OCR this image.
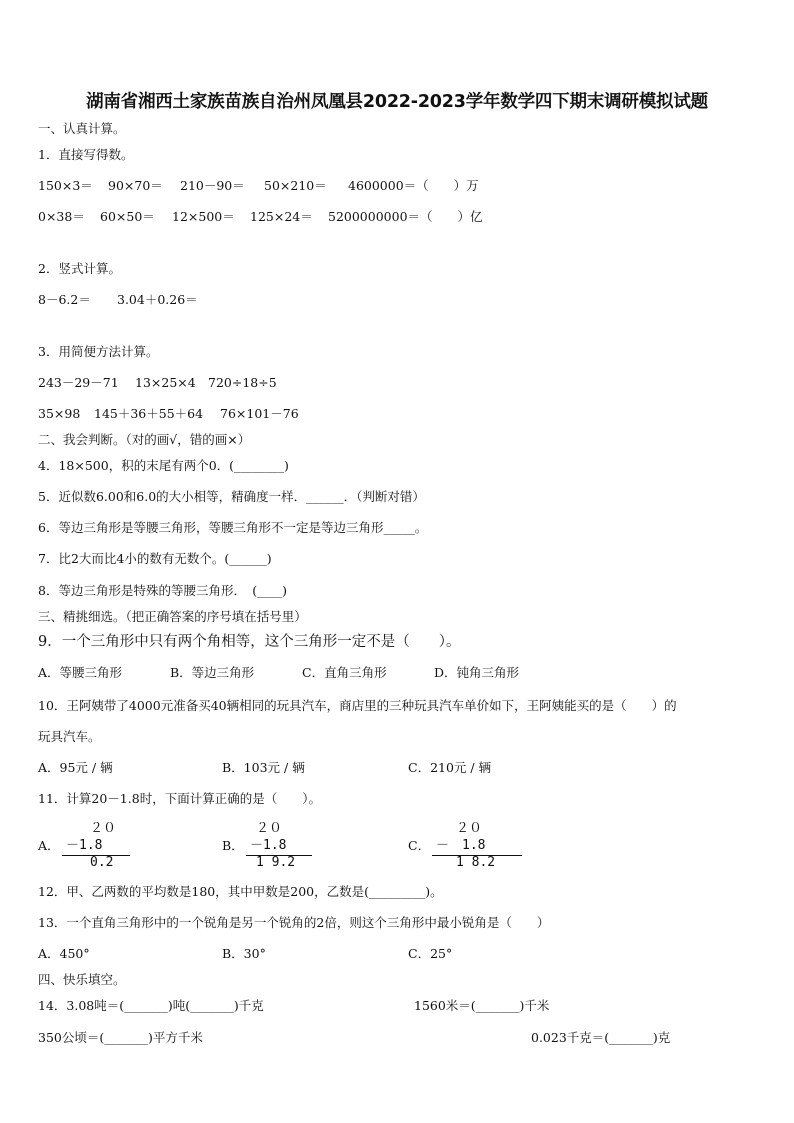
湖南省湘西土家族苗族自治州凤凰县2022-2023学年数学四下期末调研模拟试题
一、认真计算。
1．直接写得数。
150×3＝ 90×70＝ 210－90＝ 50×210＝ 4600000＝（　　）万
0×38＝ 60×50＝ 12×500＝ 125×24＝ 5200000000＝（　　）亿
2．竖式计算。
8－6.2＝ 3.04＋0.26＝
3．用简便方法计算。
243－29－71 13×25×4 720÷18÷5
35×98 145＋36＋55＋64 76×101－76
二、我会判断。（对的画√，错的画×）
4．18×500，积的末尾有两个0．(________)
5．近似数6.00和6.0的大小相等，精确度一样．______．（判断对错）
6．等边三角形是等腰三角形，等腰三角形不一定是等边三角形_____。
7．比2大而比4小的数有无数个。(______)
8．等边三角形是特殊的等腰三角形．　(____)
三、精挑细选。（把正确答案的序号填在括号里）
9．一个三角形中只有两个角相等，这个三角形一定不是（　　）。
A．等腰三角形	B．等边三角形	C．直角三角形	D．钝角三角形
10．王阿姨带了4000元准备买40辆相同的玩具汽车，商店里的三种玩具汽车单价如下，王阿姨能买的是（　　）的
玩具汽车。
A．95元 / 辆	B．103元 / 辆	C．210元 / 辆
11．计算20－1.8时，下面计算正确的是（　　）。
A．
２０
－1.8
0.2
B．
２０
－1.8
1 9.2
C．
２０
－　1.8
1 8.2
12．甲、乙两数的平均数是180，其中甲数是200，乙数是(_________)。
13．一个直角三角形中的一个锐角是另一个锐角的2倍，则这个三角形中最小锐角是（　　）
A．450°	B．30°	C．25°
四、快乐填空。
14．3.08吨＝(_______)吨(_______)千克	1560米＝(_______)千米
350公顷＝(_______)平方千米	0.023千克＝(_______)克
